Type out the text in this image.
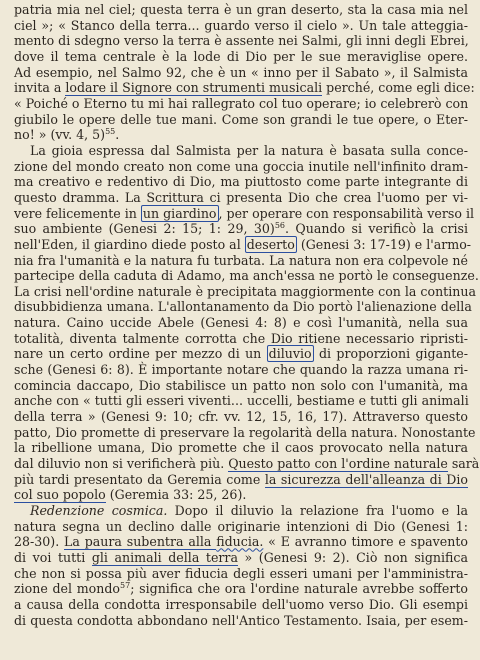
patria mia nel ciel; questa terra è un gran deserto, sta la casa mia nel
ciel »; « Stanco della terra... guardo verso il cielo ». Un tale atteggia-
mento di sdegno verso la terra è assente nei Salmi, gli inni degli Ebrei,
dove il tema centrale è la lode di Dio per le sue meraviglise opere.
Ad esempio, nel Salmo 92, che è un « inno per il Sabato », il Salmista
invita a lodare il Signore con strumenti musicali perché, come egli dice:
« Poiché o Eterno tu mi hai rallegrato col tuo operare; io celebrerò con
giubilo le opere delle tue mani. Come son grandi le tue opere, o Eter-
no! » (vv. 4, 5)$^{55}$.
La gioia espressa dal Salmista per la natura è basata sulla conce-
zione del mondo creato non come una goccia inutile nell'infinito dram-
ma creativo e redentivo di Dio, ma piuttosto come parte integrante di
questo dramma. La Scrittura ci presenta Dio che crea l'uomo per vi-
vere felicemente in un giardino , per operare con responsabilità verso il
suo ambiente (Genesi 2: 15; 1: 29, 30)$^{56}$. Quando si verificò la crisi
nell'Eden, il giardino diede posto al deserto (Genesi 3: 17-19) e l'armo-
nia fra l'umanità e la natura fu turbata. La natura non era colpevole né
partecipe della caduta di Adamo, ma anch'essa ne portò le conseguenze.
La crisi nell'ordine naturale è precipitata maggiormente con la continua
disubbidienza umana. L'allontanamento da Dio portò l'alienazione della
natura. Caino uccide Abele (Genesi 4: 8) e così l'umanità, nella sua
totalità, diventa talmente corrotta che Dio ritiene necessario ripristi-
nare un certo ordine per mezzo di un diluvio di proporzioni gigante-
sche (Genesi 6: 8). È importante notare che quando la razza umana ri-
comincia daccapo, Dio stabilisce un patto non solo con l'umanità, ma
anche con « tutti gli esseri viventi... uccelli, bestiame e tutti gli animali
della terra » (Genesi 9: 10; cfr. vv. 12, 15, 16, 17). Attraverso questo
patto, Dio promette di preservare la regolarità della natura. Nonostante
la ribellione umana, Dio promette che il caos provocato nella natura
dal diluvio non si verificherà più. Questo patto con l'ordine naturale sarà
più tardi presentato da Geremia come la sicurezza dell'alleanza di Dio
col suo popolo (Geremia 33: 25, 26).
Redenzione cosmica. Dopo il diluvio la relazione fra l'uomo e la
natura segna un declino dalle originarie intenzioni di Dio (Genesi 1:
28-30). La paura subentra alla fiducia. « E avranno timore e spavento
di voi tutti gli animali della terra » (Genesi 9: 2). Ciò non significa
che non si possa più aver fiducia degli esseri umani per l'amministra-
zione del mondo$^{57}$; significa che ora l'ordine naturale avrebbe sofferto
a causa della condotta irresponsabile dell'uomo verso Dio. Gli esempi
di questa condotta abbondano nell'Antico Testamento. Isaia, per esem-
